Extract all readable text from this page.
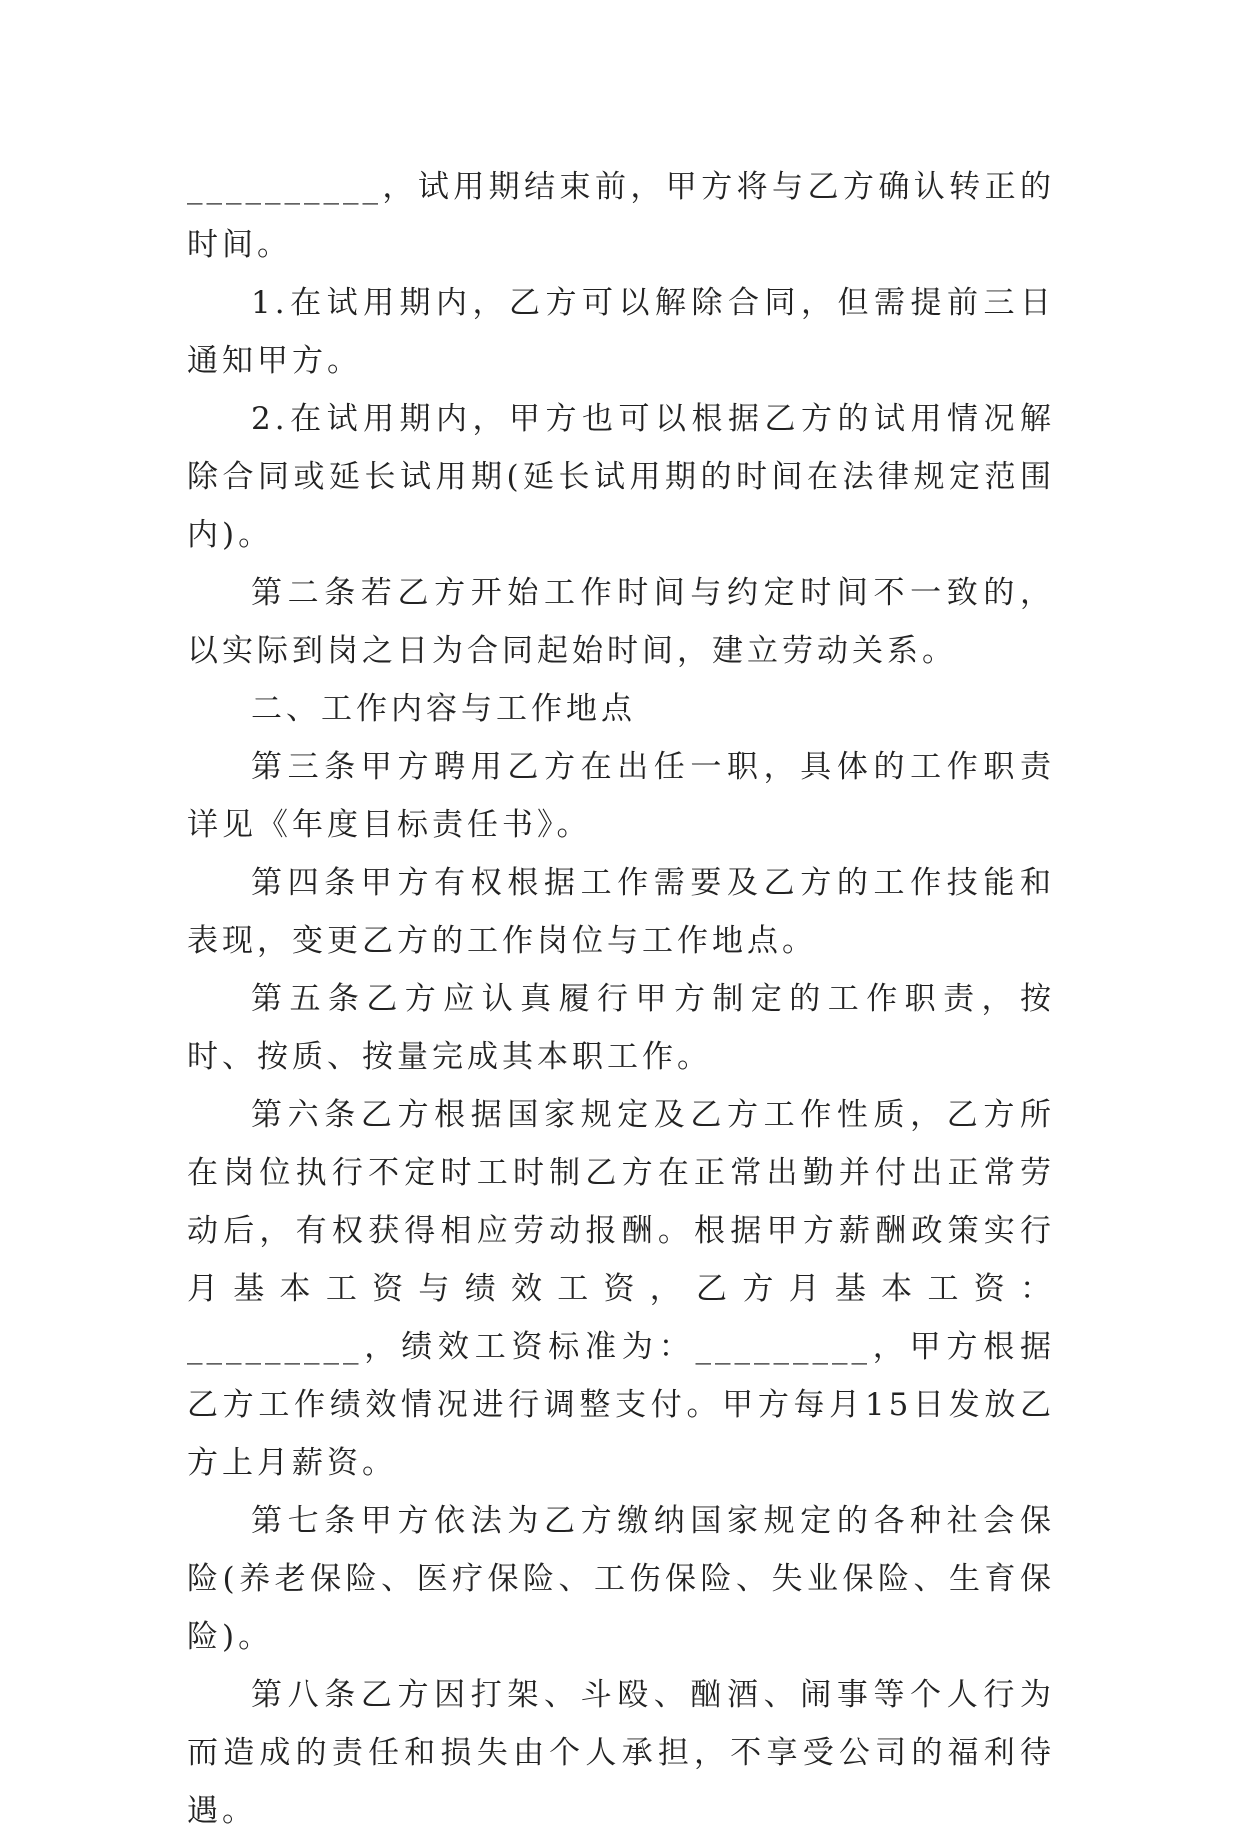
__________，试用期结束前，甲方将与乙方确认转正的时间。

1.在试用期内，乙方可以解除合同，但需提前三日通知甲方。

2.在试用期内，甲方也可以根据乙方的试用情况解除合同或延长试用期(延长试用期的时间在法律规定范围内)。

第二条若乙方开始工作时间与约定时间不一致的，以实际到岗之日为合同起始时间，建立劳动关系。

二、工作内容与工作地点

第三条甲方聘用乙方在出任一职，具体的工作职责详见《年度目标责任书》。

第四条甲方有权根据工作需要及乙方的工作技能和表现，变更乙方的工作岗位与工作地点。

第五条乙方应认真履行甲方制定的工作职责，按时、按质、按量完成其本职工作。

第六条乙方根据国家规定及乙方工作性质，乙方所在岗位执行不定时工时制乙方在正常出勤并付出正常劳动后，有权获得相应劳动报酬。根据甲方薪酬政策实行月基本工资与绩效工资，乙方月基本工资：_________，绩效工资标准为：_________，甲方根据乙方工作绩效情况进行调整支付。甲方每月15日发放乙方上月薪资。

第七条甲方依法为乙方缴纳国家规定的各种社会保险(养老保险、医疗保险、工伤保险、失业保险、生育保险)。

第八条乙方因打架、斗殴、酗酒、闹事等个人行为而造成的责任和损失由个人承担，不享受公司的福利待遇。
